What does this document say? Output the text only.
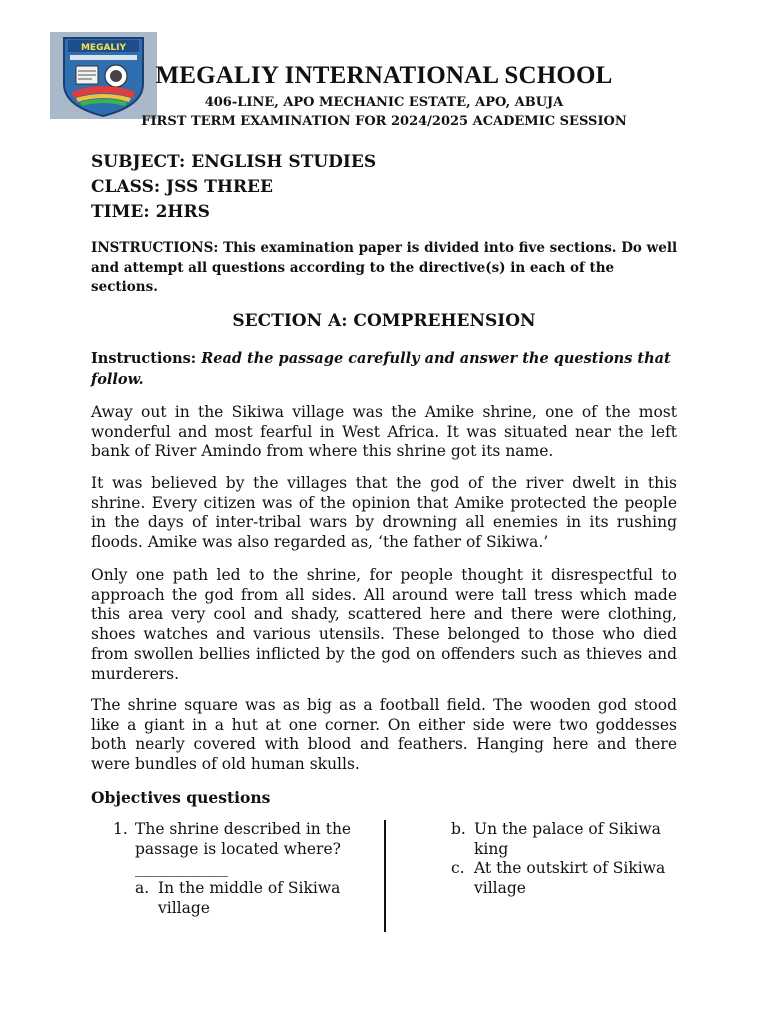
MEGALIY
MEGALIY INTERNATIONAL SCHOOL
406-LINE, APO MECHANIC ESTATE, APO, ABUJA
FIRST TERM EXAMINATION FOR 2024/2025 ACADEMIC SESSION
SUBJECT: ENGLISH STUDIES
CLASS: JSS THREE
TIME: 2HRS
INSTRUCTIONS: This examination paper is divided into five sections. Do well and attempt all questions according to the directive(s) in each of the sections.
SECTION A: COMPREHENSION
Instructions: Read the passage carefully and answer the questions that follow.
Away out in the Sikiwa village was the Amike shrine, one of the most wonderful and most fearful in West Africa. It was situated near the left bank of River Amindo from where this shrine got its name.
It was believed by the villages that the god of the river dwelt in this shrine. Every citizen was of the opinion that Amike protected the people in the days of inter-tribal wars by drowning all enemies in its rushing floods. Amike was also regarded as, ‘the father of Sikiwa.’
Only one path led to the shrine, for people thought it disrespectful to approach the god from all sides. All around were tall tress which made this area very cool and shady, scattered here and there were clothing, shoes watches and various utensils. These belonged to those who died from swollen bellies inflicted by the god on offenders such as thieves and murderers.
The shrine square was as big as a football field. The wooden god stood like a giant in a hut at one corner. On either side were two goddesses both nearly covered with blood and feathers. Hanging here and there were bundles of old human skulls.
Objectives questions
1. The shrine described in the passage is located where?____________
a. In the middle of Sikiwa village
b. Un the palace of Sikiwa king
c. At the outskirt of Sikiwa village
